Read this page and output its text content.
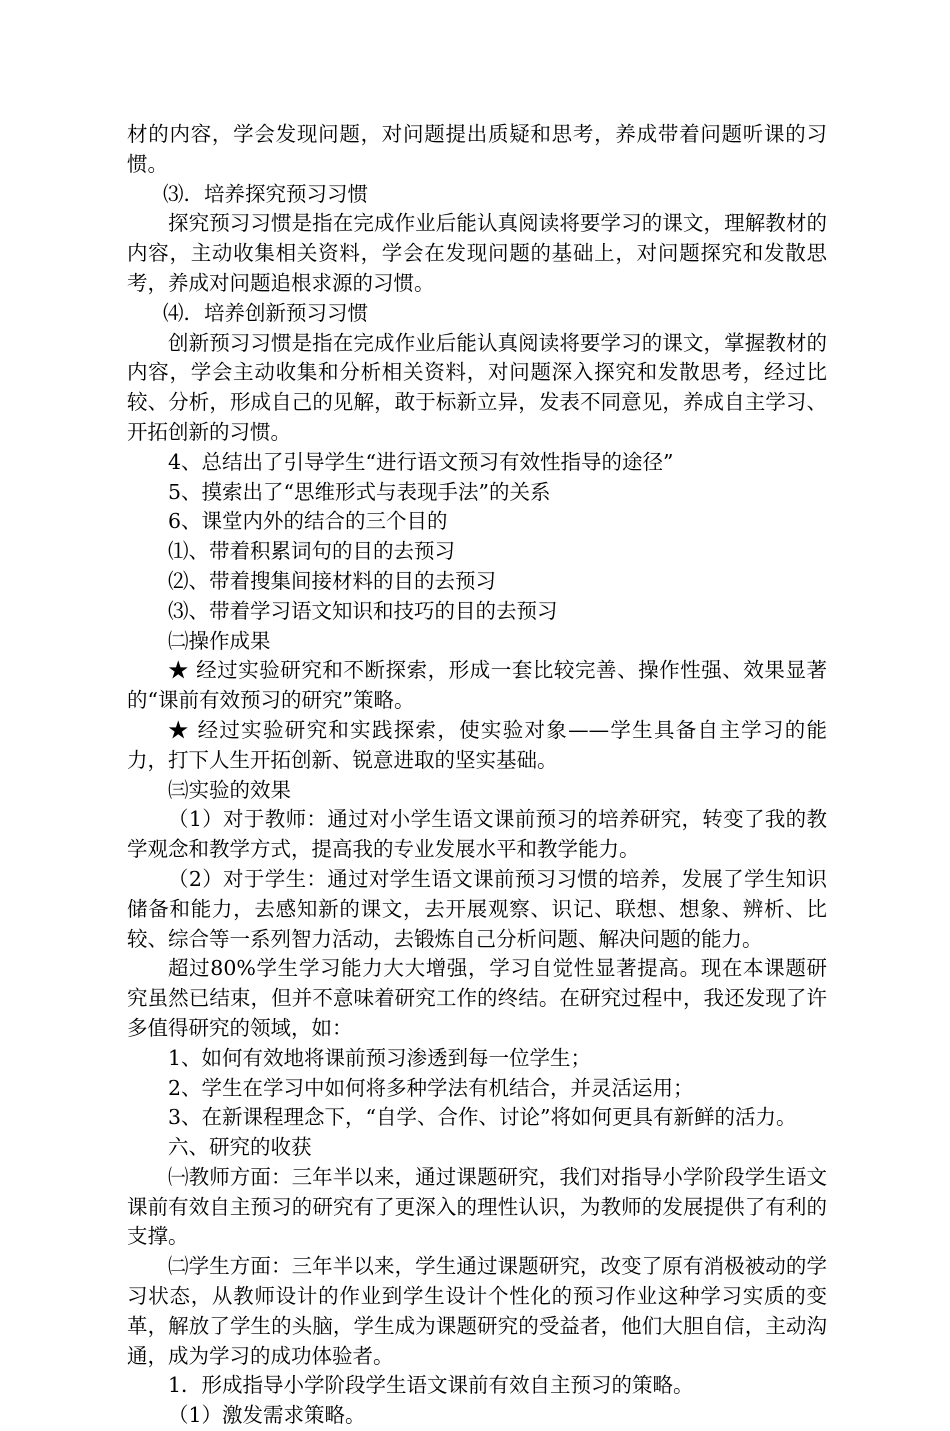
材的内容，学会发现问题，对问题提出质疑和思考，养成带着问题听课的习惯。

⑶．培养探究预习习惯

探究预习习惯是指在完成作业后能认真阅读将要学习的课文，理解教材的内容，主动收集相关资料，学会在发现问题的基础上，对问题探究和发散思考，养成对问题追根求源的习惯。

⑷．培养创新预习习惯

创新预习习惯是指在完成作业后能认真阅读将要学习的课文，掌握教材的内容，学会主动收集和分析相关资料，对问题深入探究和发散思考，经过比较、分析，形成自己的见解，敢于标新立异，发表不同意见，养成自主学习、开拓创新的习惯。

4、总结出了引导学生“进行语文预习有效性指导的途径”

5、摸索出了“思维形式与表现手法”的关系

6、课堂内外的结合的三个目的

⑴、带着积累词句的目的去预习

⑵、带着搜集间接材料的目的去预习

⑶、带着学习语文知识和技巧的目的去预习

㈡操作成果

★ 经过实验研究和不断探索，形成一套比较完善、操作性强、效果显著的“课前有效预习的研究”策略。

★ 经过实验研究和实践探索，使实验对象——学生具备自主学习的能力，打下人生开拓创新、锐意进取的坚实基础。

㈢实验的效果

（1）对于教师：通过对小学生语文课前预习的培养研究，转变了我的教学观念和教学方式，提高我的专业发展水平和教学能力。

（2）对于学生：通过对学生语文课前预习习惯的培养，发展了学生知识储备和能力，去感知新的课文，去开展观察、识记、联想、想象、辨析、比较、综合等一系列智力活动，去锻炼自己分析问题、解决问题的能力。

超过80%学生学习能力大大增强，学习自觉性显著提高。现在本课题研究虽然已结束，但并不意味着研究工作的终结。在研究过程中，我还发现了许多值得研究的领域，如：

1、如何有效地将课前预习渗透到每一位学生；

2、学生在学习中如何将多种学法有机结合，并灵活运用；

3、在新课程理念下，“自学、合作、讨论”将如何更具有新鲜的活力。

六、研究的收获

㈠教师方面：三年半以来，通过课题研究，我们对指导小学阶段学生语文课前有效自主预习的研究有了更深入的理性认识，为教师的发展提供了有利的支撑。

㈡学生方面：三年半以来，学生通过课题研究，改变了原有消极被动的学习状态，从教师设计的作业到学生设计个性化的预习作业这种学习实质的变革，解放了学生的头脑，学生成为课题研究的受益者，他们大胆自信，主动沟通，成为学习的成功体验者。

1．形成指导小学阶段学生语文课前有效自主预习的策略。

（1）激发需求策略。
